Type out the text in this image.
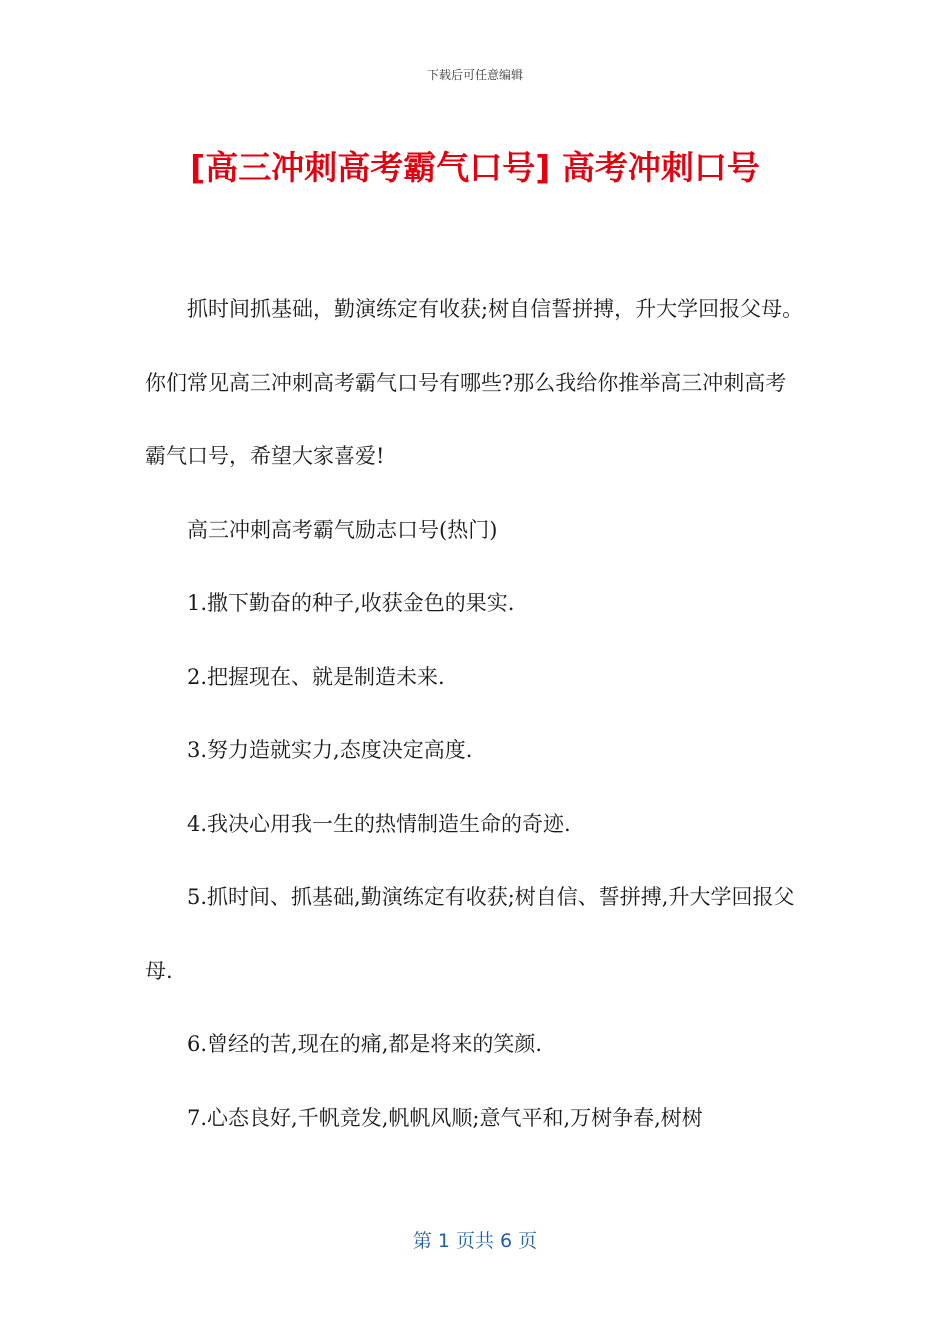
下载后可任意编辑
[高三冲刺高考霸气口号] 高考冲刺口号

抓时间抓基础，勤演练定有收获;树自信誓拼搏，升大学回报父母。你们常见高三冲刺高考霸气口号有哪些?那么我给你推举高三冲刺高考霸气口号，希望大家喜爱!

高三冲刺高考霸气励志口号(热门)

1.撒下勤奋的种子,收获金色的果实.

2.把握现在、就是制造未来.

3.努力造就实力,态度决定高度.

4.我决心用我一生的热情制造生命的奇迹.

5.抓时间、抓基础,勤演练定有收获;树自信、誓拼搏,升大学回报父母.

6.曾经的苦,现在的痛,都是将来的笑颜.

7.心态良好,千帆竞发,帆帆风顺;意气平和,万树争春,树树

第 1 页共 6 页
